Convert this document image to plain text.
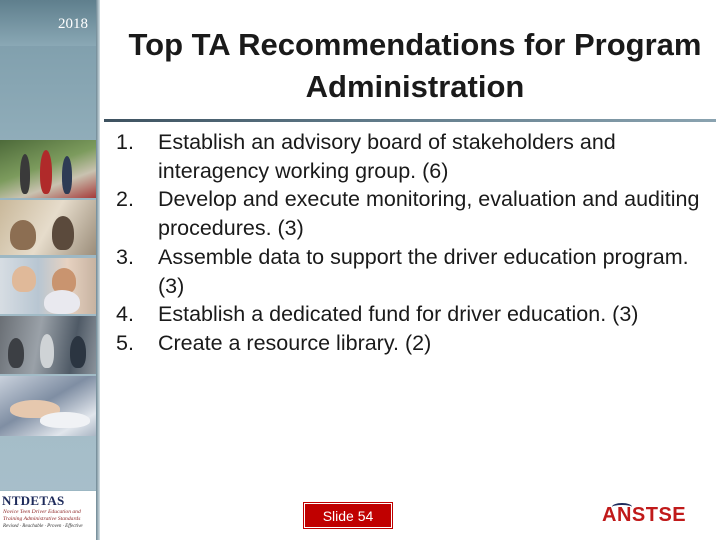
2018
NTDETAS
Novice Teen Driver Education and
Training Administrative Standards
Revised · Reachable · Proven · Effective
Top TA Recommendations for Program Administration
1.	Establish an advisory board of stakeholders and interagency working group. (6)
2.	Develop and execute monitoring, evaluation and auditing procedures. (3)
3.	Assemble data to support the driver education program. (3)
4.	Establish a dedicated fund for driver education. (3)
5.	Create a resource library. (2)
Slide 54	ANSTSE
